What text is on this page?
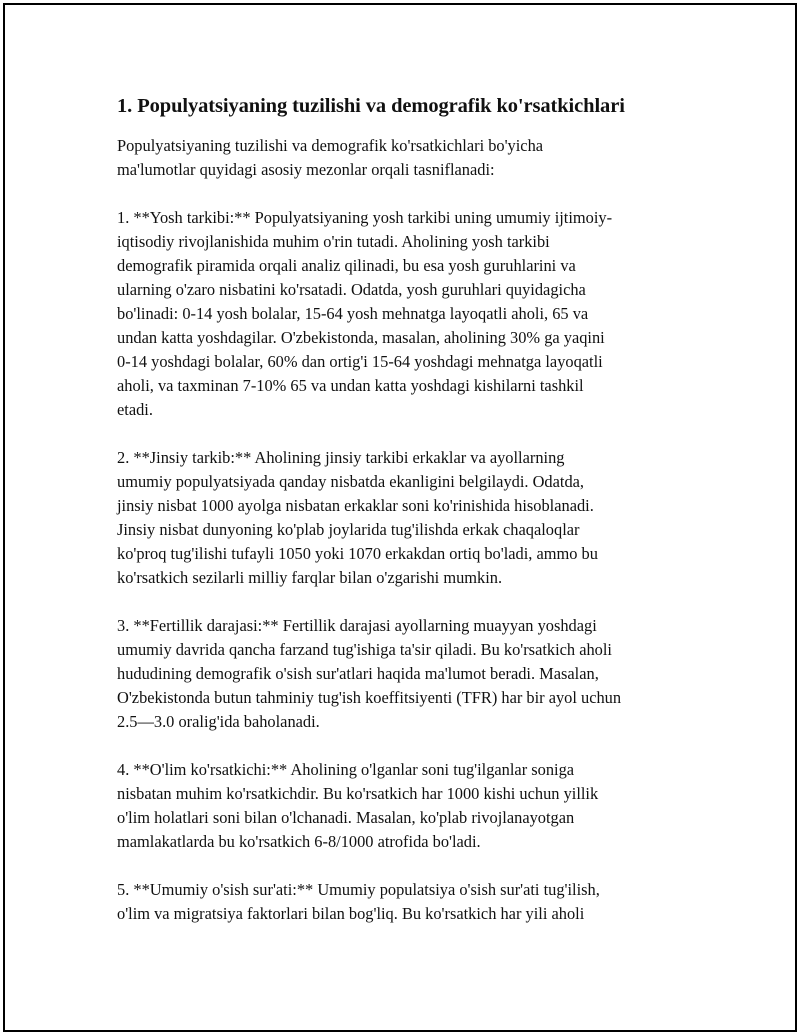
1. Populyatsiyaning tuzilishi va demografik ko'rsatkichlari

Populyatsiyaning tuzilishi va demografik ko'rsatkichlari bo'yicha
ma'lumotlar quyidagi asosiy mezonlar orqali tasniflanadi:

1. **Yosh tarkibi:** Populyatsiyaning yosh tarkibi uning umumiy ijtimoiy-
iqtisodiy rivojlanishida muhim o'rin tutadi. Aholining yosh tarkibi
demografik piramida orqali analiz qilinadi, bu esa yosh guruhlarini va
ularning o'zaro nisbatini ko'rsatadi. Odatda, yosh guruhlari quyidagicha
bo'linadi: 0-14 yosh bolalar, 15-64 yosh mehnatga layoqatli aholi, 65 va
undan katta yoshdagilar. O'zbekistonda, masalan, aholining 30% ga yaqini
0-14 yoshdagi bolalar, 60% dan ortig'i 15-64 yoshdagi mehnatga layoqatli
aholi, va taxminan 7-10% 65 va undan katta yoshdagi kishilarni tashkil
etadi.

2. **Jinsiy tarkib:** Aholining jinsiy tarkibi erkaklar va ayollarning
umumiy populyatsiyada qanday nisbatda ekanligini belgilaydi. Odatda,
jinsiy nisbat 1000 ayolga nisbatan erkaklar soni ko'rinishida hisoblanadi.
Jinsiy nisbat dunyoning ko'plab joylarida tug'ilishda erkak chaqaloqlar
ko'proq tug'ilishi tufayli 1050 yoki 1070 erkakdan ortiq bo'ladi, ammo bu
ko'rsatkich sezilarli milliy farqlar bilan o'zgarishi mumkin.

3. **Fertillik darajasi:** Fertillik darajasi ayollarning muayyan yoshdagi
umumiy davrida qancha farzand tug'ishiga ta'sir qiladi. Bu ko'rsatkich aholi
hududining demografik o'sish sur'atlari haqida ma'lumot beradi. Masalan,
O'zbekistonda butun tahminiy tug'ish koeffitsiyenti (TFR) har bir ayol uchun
2.5—3.0 oralig'ida baholanadi.

4. **O'lim ko'rsatkichi:** Aholining o'lganlar soni tug'ilganlar soniga
nisbatan muhim ko'rsatkichdir. Bu ko'rsatkich har 1000 kishi uchun yillik
o'lim holatlari soni bilan o'lchanadi. Masalan, ko'plab rivojlanayotgan
mamlakatlarda bu ko'rsatkich 6-8/1000 atrofida bo'ladi.

5. **Umumiy o'sish sur'ati:** Umumiy populatsiya o'sish sur'ati tug'ilish,
o'lim va migratsiya faktorlari bilan bog'liq. Bu ko'rsatkich har yili aholi
